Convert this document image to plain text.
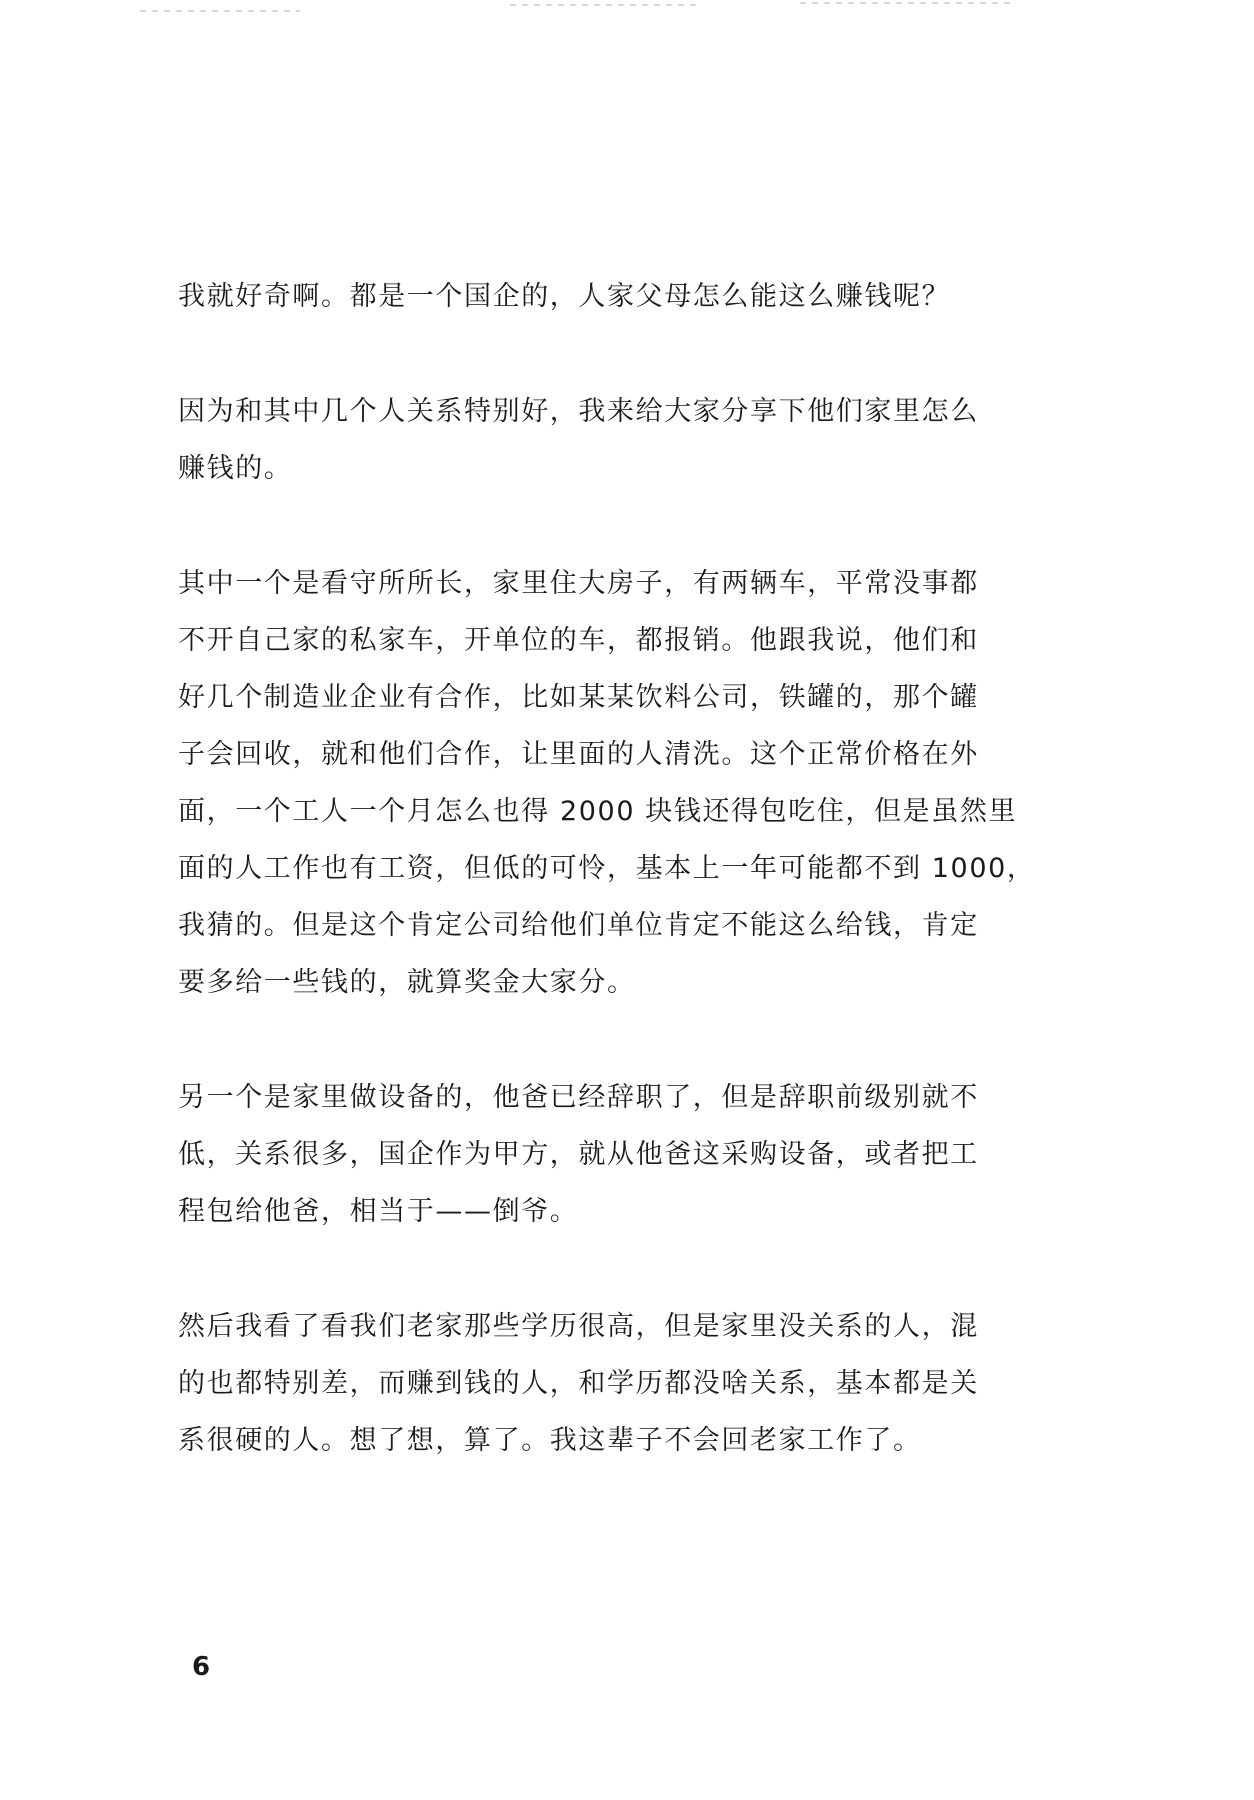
我就好奇啊。都是一个国企的，人家父母怎么能这么赚钱呢？

因为和其中几个人关系特别好，我来给大家分享下他们家里怎么
赚钱的。

其中一个是看守所所长，家里住大房子，有两辆车，平常没事都
不开自己家的私家车，开单位的车，都报销。他跟我说，他们和
好几个制造业企业有合作，比如某某饮料公司，铁罐的，那个罐
子会回收，就和他们合作，让里面的人清洗。这个正常价格在外
面，一个工人一个月怎么也得 2000 块钱还得包吃住，但是虽然里
面的人工作也有工资，但低的可怜，基本上一年可能都不到 1000，
我猜的。但是这个肯定公司给他们单位肯定不能这么给钱，肯定
要多给一些钱的，就算奖金大家分。

另一个是家里做设备的，他爸已经辞职了，但是辞职前级别就不
低，关系很多，国企作为甲方，就从他爸这采购设备，或者把工
程包给他爸，相当于——倒爷。

然后我看了看我们老家那些学历很高，但是家里没关系的人，混
的也都特别差，而赚到钱的人，和学历都没啥关系，基本都是关
系很硬的人。想了想，算了。我这辈子不会回老家工作了。

6
